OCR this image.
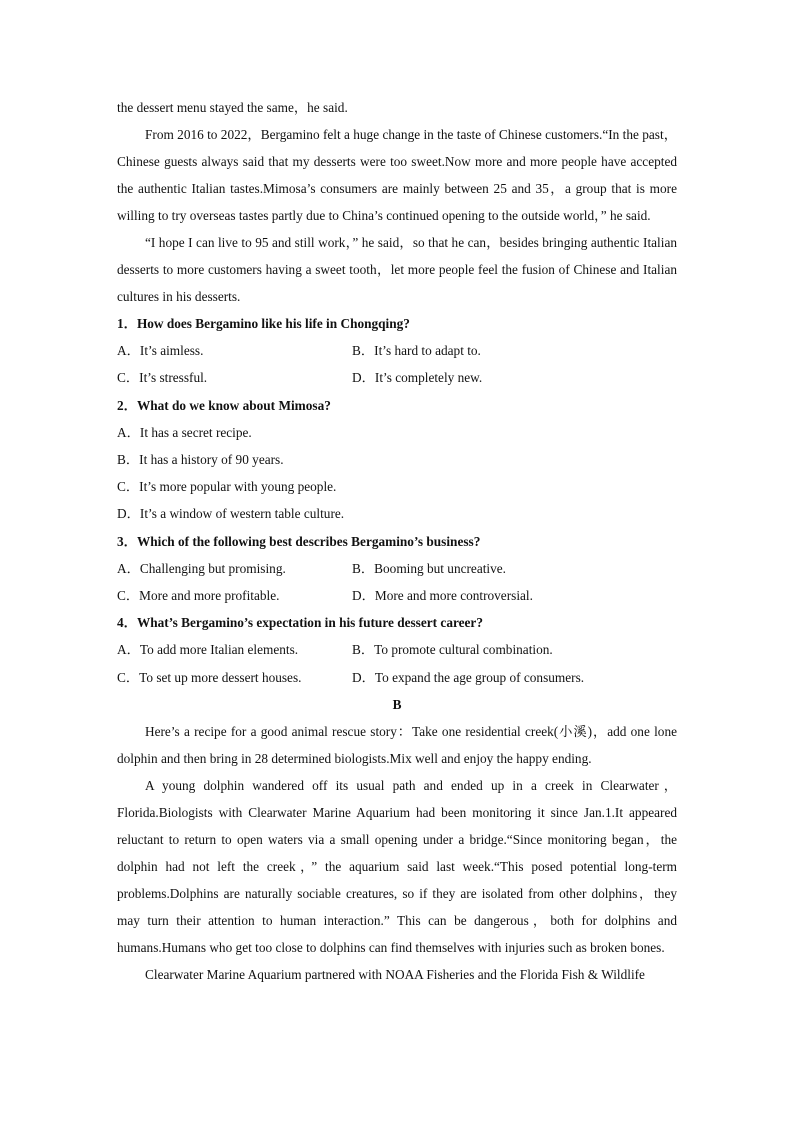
the dessert menu stayed the same，he said.

From 2016 to 2022，Bergamino felt a huge change in the taste of Chinese customers.“In the past，Chinese guests always said that my desserts were too sweet.Now more and more people have accepted the authentic Italian tastes.Mimosa’s consumers are mainly between 25 and 35，a group that is more willing to try overseas tastes partly due to China’s continued opening to the outside world，” he said.

“I hope I can live to 95 and still work，” he said，so that he can，besides bringing authentic Italian desserts to more customers having a sweet tooth，let more people feel the fusion of Chinese and Italian cultures in his desserts.

1．How does Bergamino like his life in Chongqing?

A．It’s aimless.	B．It’s hard to adapt to.
C．It’s stressful.	D．It’s completely new.

2．What do we know about Mimosa?

A．It has a secret recipe.
B．It has a history of 90 years.
C．It’s more popular with young people.
D．It’s a window of western table culture.

3．Which of the following best describes Bergamino’s business?

A．Challenging but promising.	B．Booming but uncreative.
C．More and more profitable.	D．More and more controversial.

4．What’s Bergamino’s expectation in his future dessert career?

A．To add more Italian elements.	B．To promote cultural combination.
C．To set up more dessert houses.	D．To expand the age group of consumers.
B

Here’s a recipe for a good animal rescue story：Take one residential creek(小溪)，add one lone dolphin and then bring in 28 determined biologists.Mix well and enjoy the happy ending.

A young dolphin wandered off its usual path and ended up in a creek in Clearwater，Florida.Biologists with Clearwater Marine Aquarium had been monitoring it since Jan.1.It appeared reluctant to return to open waters via a small opening under a bridge.“Since monitoring began，the dolphin had not left the creek，” the aquarium said last week.“This posed potential long-term problems.Dolphins are naturally sociable creatures, so if they are isolated from other dolphins，they may turn their attention to human interaction.” This can be dangerous，both for dolphins and humans.Humans who get too close to dolphins can find themselves with injuries such as broken bones.

Clearwater Marine Aquarium partnered with NOAA Fisheries and the Florida Fish & Wildlife
